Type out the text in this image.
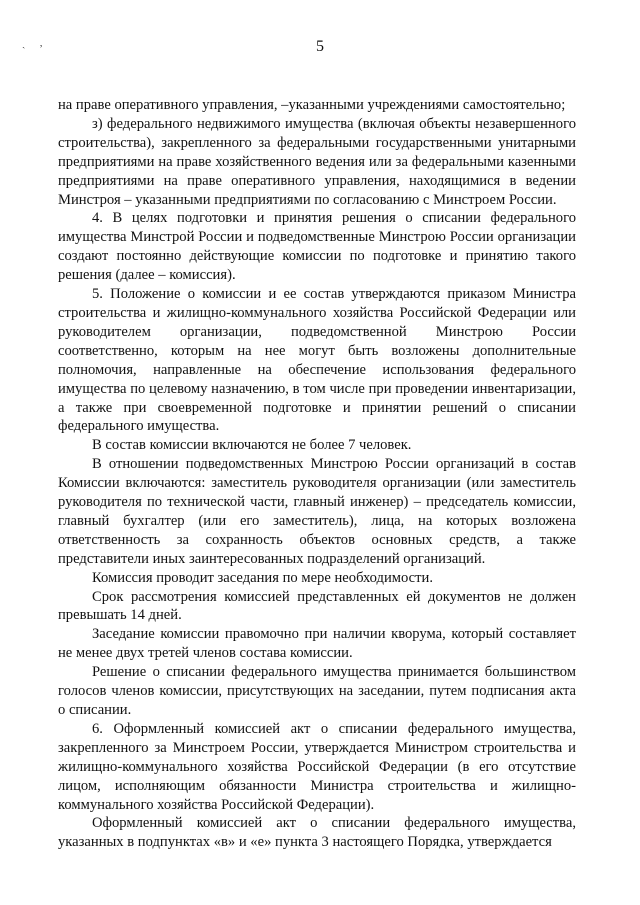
ˎ ,	5

на праве оперативного управления, –указанными учреждениями самостоятельно;

з) федерального недвижимого имущества (включая объекты незавершенного строительства), закрепленного за федеральными государственными унитарными предприятиями на праве хозяйственного ведения или за федеральными казенными предприятиями на праве оперативного управления, находящимися в ведении Минстроя – указанными предприятиями по согласованию с Минстроем России.

4. В целях подготовки и принятия решения о списании федерального имущества Минстрой России и подведомственные Минстрою России организации создают постоянно действующие комиссии по подготовке и принятию такого решения (далее – комиссия).

5. Положение о комиссии и ее состав утверждаются приказом Министра строительства и жилищно-коммунального хозяйства Российской Федерации или руководителем организации, подведомственной Минстрою России соответственно, которым на нее могут быть возложены дополнительные полномочия, направленные на обеспечение использования федерального имущества по целевому назначению, в том числе при проведении инвентаризации, а также при своевременной подготовке и принятии решений о списании федерального имущества.

В состав комиссии включаются не более 7 человек.

В отношении подведомственных Минстрою России организаций в состав Комиссии включаются: заместитель руководителя организации (или заместитель руководителя по технической части, главный инженер) – председатель комиссии, главный бухгалтер (или его заместитель), лица, на которых возложена ответственность за сохранность объектов основных средств, а также представители иных заинтересованных подразделений организаций.

Комиссия проводит заседания по мере необходимости.

Срок рассмотрения комиссией представленных ей документов не должен превышать 14 дней.

Заседание комиссии правомочно при наличии кворума, который составляет не менее двух третей членов состава комиссии.

Решение о списании федерального имущества принимается большинством голосов членов комиссии, присутствующих на заседании, путем подписания акта о списании.

6. Оформленный комиссией акт о списании федерального имущества, закрепленного за Минстроем России, утверждается Министром строительства и жилищно-коммунального хозяйства Российской Федерации (в его отсутствие лицом, исполняющим обязанности Министра строительства и жилищно-коммунального хозяйства Российской Федерации).

Оформленный комиссией акт о списании федерального имущества, указанных в подпунктах «в» и «е» пункта 3 настоящего Порядка, утверждается
